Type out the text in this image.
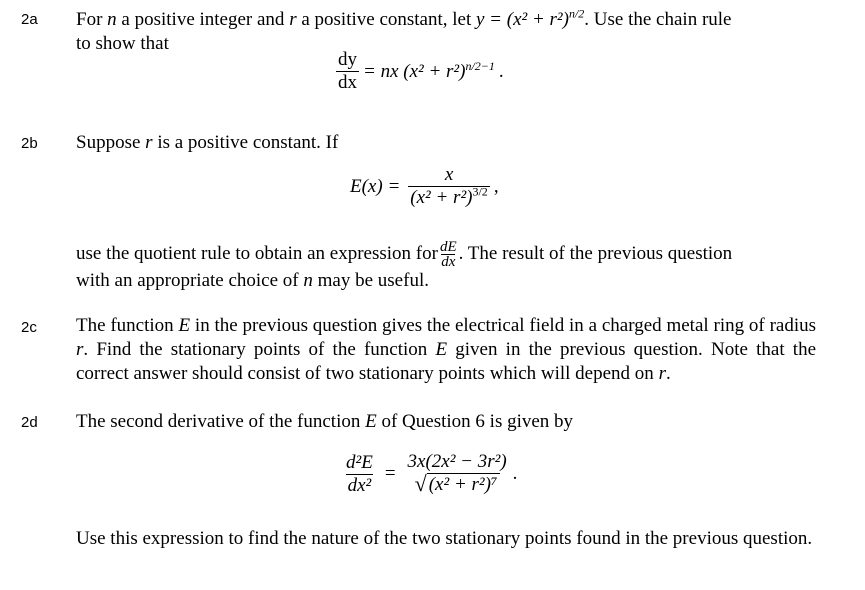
2a For n a positive integer and r a positive constant, let $y = (x^2 + r^2)^{n/2}$. Use the chain rule

to show that

$\frac{dy}{dx}$ = nx (x² + r²) $^{n/2-1}$ .
2b Suppose r is a positive constant. If

$E(x) = \frac{x}{(x^2 + r^2)^{3/2}}$ ,

use the quotient rule to obtain an expression for $\frac{dE}{dx}$ . The result of the previous question

with an appropriate choice of n may be useful.

2c The function E in the previous question gives the electrical field in a charged metal ring of radius r. Find the stationary points of the function E given in the previous question. Note that the correct answer should consist of two stationary points which will depend on r.

2d The second derivative of the function E of Question 6 is given by

$\frac{\text{d²E}}{\text{dx²}}$ =
3x(2x² − 3r²)
√ (x² + r²)⁷
.
Use this expression to find the nature of the two stationary points found in the previous question.
